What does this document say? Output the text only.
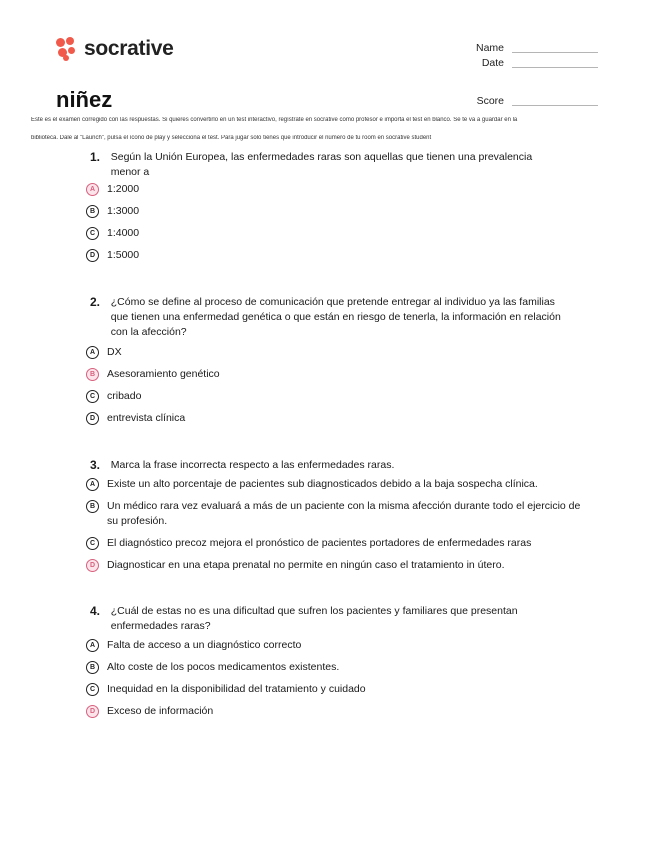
socrative	Name
Date
Score
niñez
Este es el examen corregido con las respuestas. Si quieres convertirlo en un test interactivo, regístrate en socrative como profesor e importa el test en blanco. Se te va a guardar en la
biblioteca. Dale al "Launch", pulsa el ícono de play y selecciona el test. Para jugar solo tienes que introducir el número de tu room en socrative student
1.	Según la Unión Europea, las enfermedades raras son aquellas que tienen una prevalencia menor a
A	1:2000
B	1:3000
C	1:4000
D	1:5000
2.	¿Cómo se define al proceso de comunicación que pretende entregar al individuo ya las familias que tienen una enfermedad genética o que están en riesgo de tenerla, la información en relación con la afección?
A	DX
B	Asesoramiento genético
C	cribado
D	entrevista clínica
3.	Marca la frase incorrecta respecto a las enfermedades raras.
A	Existe un alto porcentaje de pacientes sub diagnosticados debido a la baja sospecha clínica.
B	Un médico rara vez evaluará a más de un paciente con la misma afección durante todo el ejercicio de su profesión.
C	El diagnóstico precoz mejora el pronóstico de pacientes portadores de enfermedades raras
D	Diagnosticar en una etapa prenatal no permite en ningún caso el tratamiento in útero.
4.	¿Cuál de estas no es una dificultad que sufren los pacientes y familiares que presentan enfermedades raras?
A	Falta de acceso a un diagnóstico correcto
B	Alto coste de los pocos medicamentos existentes.
C	Inequidad en la disponibilidad del tratamiento y cuidado
D	Exceso de información
